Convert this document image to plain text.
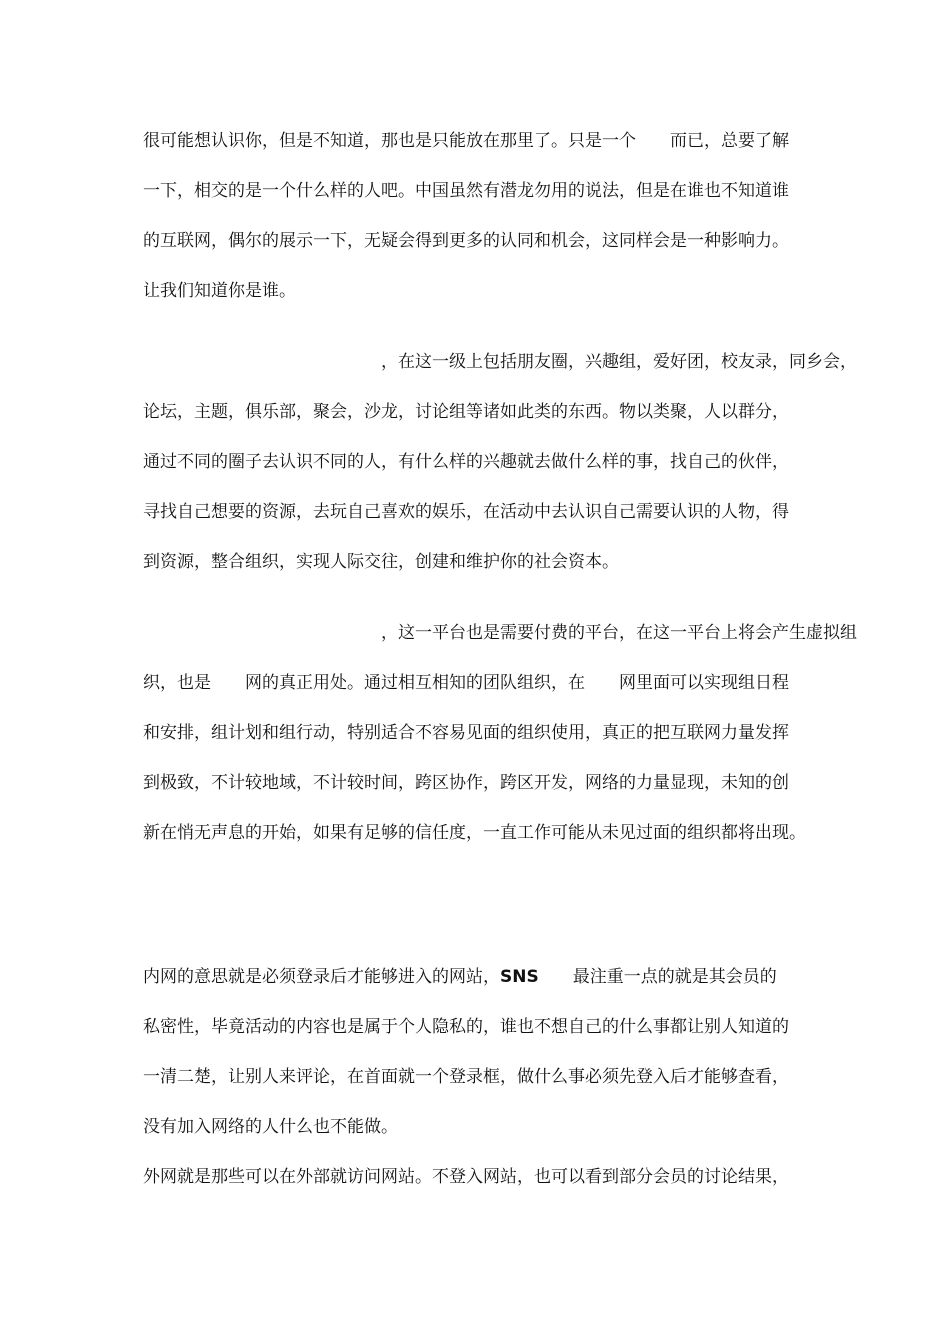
很可能想认识你，但是不知道，那也是只能放在那里了。只是一个　　而已，总要了解
一下，相交的是一个什么样的人吧。中国虽然有潜龙勿用的说法，但是在谁也不知道谁
的互联网，偶尔的展示一下，无疑会得到更多的认同和机会，这同样会是一种影响力。
让我们知道你是谁。
　　　　　　　　　　　　　　，在这一级上包括朋友圈，兴趣组，爱好团，校友录，同乡会，
论坛，主题，俱乐部，聚会，沙龙，讨论组等诸如此类的东西。物以类聚，人以群分，
通过不同的圈子去认识不同的人，有什么样的兴趣就去做什么样的事，找自己的伙伴，
寻找自己想要的资源，去玩自己喜欢的娱乐，在活动中去认识自己需要认识的人物，得
到资源，整合组织，实现人际交往，创建和维护你的社会资本。
　　　　　　　　　　　　　　，这一平台也是需要付费的平台，在这一平台上将会产生虚拟组
织，也是　　网的真正用处。通过相互相知的团队组织，在　　网里面可以实现组日程
和安排，组计划和组行动，特别适合不容易见面的组织使用，真正的把互联网力量发挥
到极致，不计较地域，不计较时间，跨区协作，跨区开发，网络的力量显现，未知的创
新在悄无声息的开始，如果有足够的信任度，一直工作可能从未见过面的组织都将出现。
内网的意思就是必须登录后才能够进入的网站，SNS　　最注重一点的就是其会员的
私密性，毕竟活动的内容也是属于个人隐私的，谁也不想自己的什么事都让别人知道的
一清二楚，让别人来评论，在首面就一个登录框，做什么事必须先登入后才能够查看，
没有加入网络的人什么也不能做。
外网就是那些可以在外部就访问网站。不登入网站，也可以看到部分会员的讨论结果，
